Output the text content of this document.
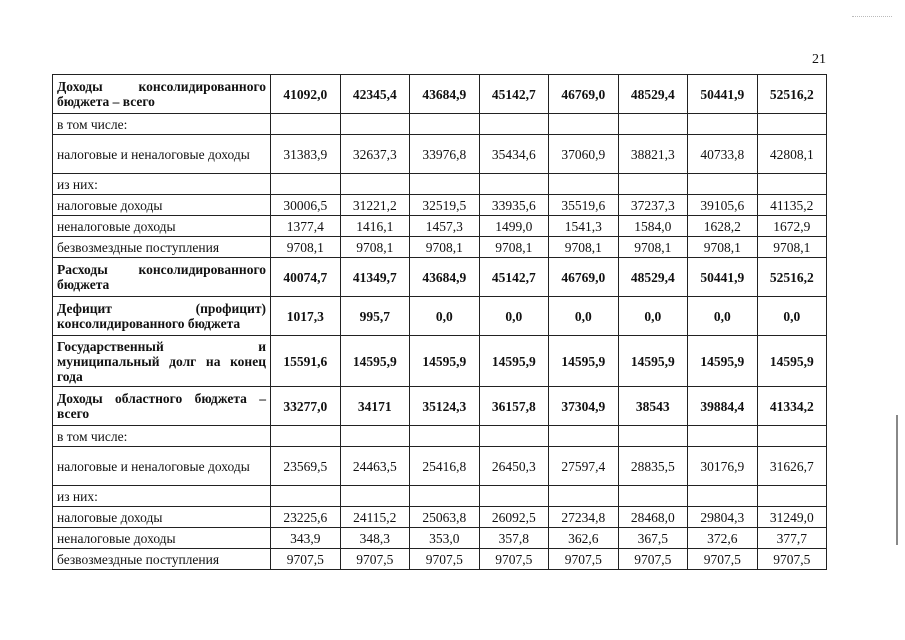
21
Доходы консолидированного бюджета – всего	41092,0	42345,4	43684,9	45142,7	46769,0	48529,4	50441,9	52516,2
в том числе:								
налоговые и неналоговые доходы	31383,9	32637,3	33976,8	35434,6	37060,9	38821,3	40733,8	42808,1
из них:								
налоговые доходы	30006,5	31221,2	32519,5	33935,6	35519,6	37237,3	39105,6	41135,2
неналоговые доходы	1377,4	1416,1	1457,3	1499,0	1541,3	1584,0	1628,2	1672,9
безвозмездные поступления	9708,1	9708,1	9708,1	9708,1	9708,1	9708,1	9708,1	9708,1
Расходы консолидированного бюджета	40074,7	41349,7	43684,9	45142,7	46769,0	48529,4	50441,9	52516,2
Дефицит (профицит) консолидированного бюджета	1017,3	995,7	0,0	0,0	0,0	0,0	0,0	0,0
Государственный и муниципальный долг на конец года	15591,6	14595,9	14595,9	14595,9	14595,9	14595,9	14595,9	14595,9
Доходы областного бюджета – всего	33277,0	34171	35124,3	36157,8	37304,9	38543	39884,4	41334,2
в том числе:								
налоговые и неналоговые доходы	23569,5	24463,5	25416,8	26450,3	27597,4	28835,5	30176,9	31626,7
из них:								
налоговые доходы	23225,6	24115,2	25063,8	26092,5	27234,8	28468,0	29804,3	31249,0
неналоговые доходы	343,9	348,3	353,0	357,8	362,6	367,5	372,6	377,7
безвозмездные поступления	9707,5	9707,5	9707,5	9707,5	9707,5	9707,5	9707,5	9707,5
